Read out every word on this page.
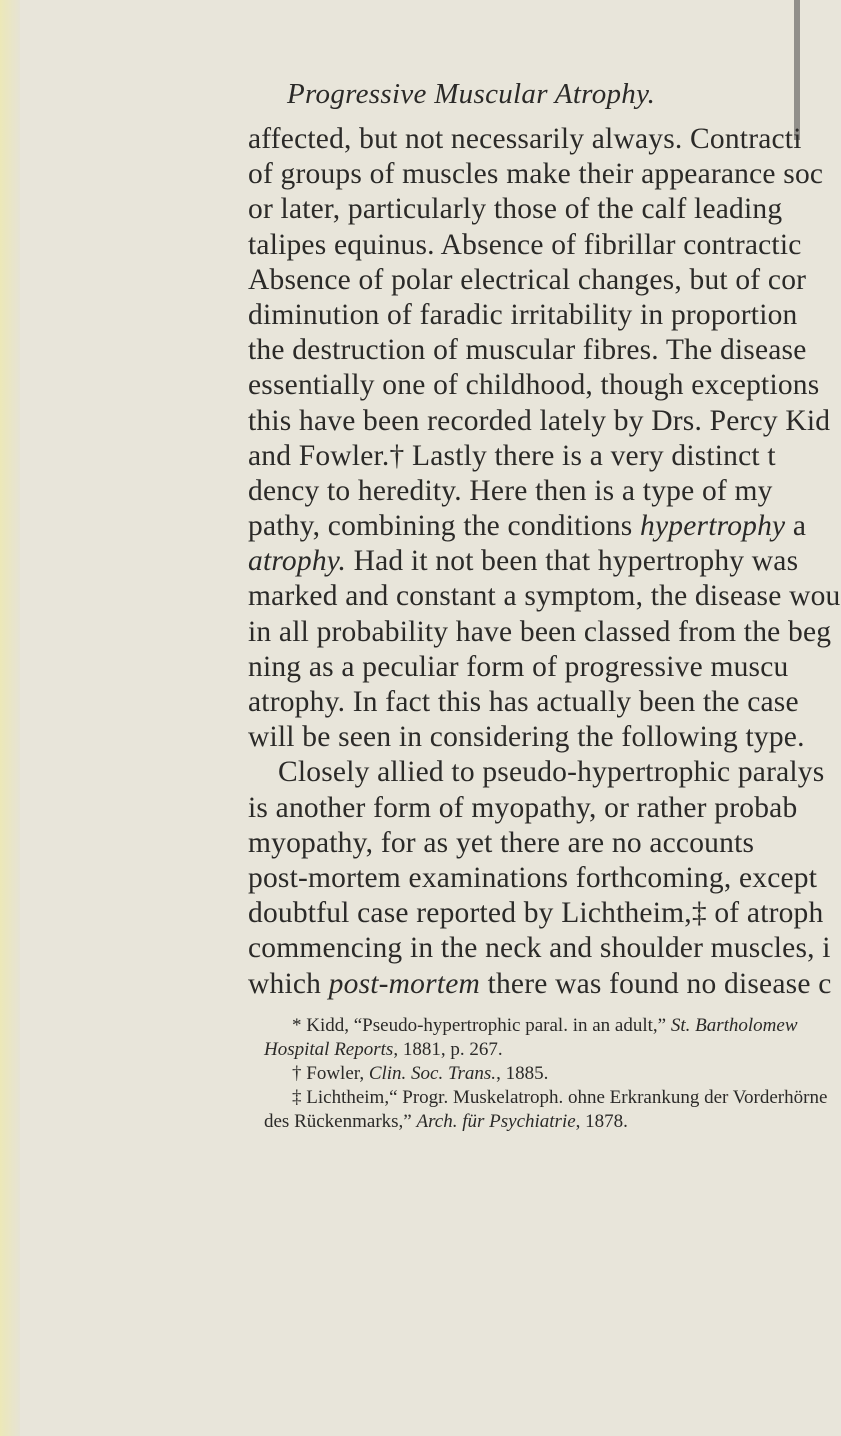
Progressive Muscular Atrophy.
affected, but not necessarily always. Contracti
of groups of muscles make their appearance soc
or later, particularly those of the calf leading
talipes equinus. Absence of fibrillar contractic
Absence of polar electrical changes, but of cor
diminution of faradic irritability in proportion
the destruction of muscular fibres. The disease
essentially one of childhood, though exceptions
this have been recorded lately by Drs. Percy Kid
and Fowler.† Lastly there is a very distinct t
dency to heredity. Here then is a type of my
pathy, combining the conditions hypertrophy a
atrophy. Had it not been that hypertrophy was
marked and constant a symptom, the disease wou
in all probability have been classed from the beg
ning as a peculiar form of progressive muscu
atrophy. In fact this has actually been the case
will be seen in considering the following type.
Closely allied to pseudo-hypertrophic paralys
is another form of myopathy, or rather probab
myopathy, for as yet there are no accounts
post-mortem examinations forthcoming, except
doubtful case reported by Lichtheim,‡ of atroph
commencing in the neck and shoulder muscles, i
which post-mortem there was found no disease c
* Kidd, “Pseudo-hypertrophic paral. in an adult,” St. Bartholomew
Hospital Reports, 1881, p. 267.
† Fowler, Clin. Soc. Trans., 1885.
‡ Lichtheim,“ Progr. Muskelatroph. ohne Erkrankung der Vorderhörne
des Rückenmarks,” Arch. für Psychiatrie, 1878.
